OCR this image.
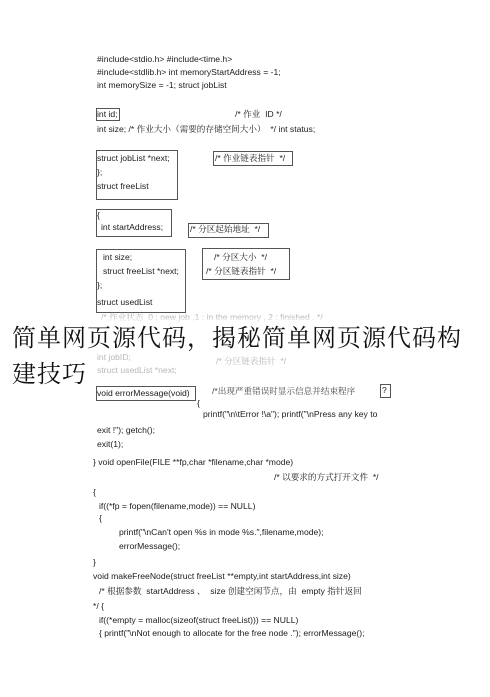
#include<stdio.h> #include<time.h>
#include<stdlib.h> int memoryStartAddress = -1;
int memorySize = -1; struct jobList
int id;	/* 作业  ID */
int size; /* 作业大小（需要的存储空间大小）  */ int status;
struct jobList *next;	/* 作业链表指针  */
};
struct freeList
{
int startAddress;	/* 分区起始地址  */
int size;	/* 分区大小  */
struct freeList *next;	/* 分区链表指针  */
};
struct usedList
/* 作业状态  0 : new job ,1 : in the memory , 2 : finished . */
int jobID;
struct usedList *next;
/* 分区链表指针  */
void errorMessage(void)	/*出现严重错误时显示信息并结束程序	?
{
printf("\n\tError !\a"); printf("\nPress any key to
exit !"); getch();
exit(1);
} void openFile(FILE **fp,char *filename,char *mode)
/* 以要求的方式打开文件  */
{
if((*fp = fopen(filename,mode)) == NULL)
{
printf("\nCan't open %s in mode %s.",filename,mode);
errorMessage();
}
void makeFreeNode(struct freeList **empty,int startAddress,int size)
/* 根据参数  startAddress 、  size 创建空闲节点，由  empty 指针返回
*/ {
if((*empty = malloc(sizeof(struct freeList))) == NULL)
{ printf("\nNot enough to allocate for the free node ."); errorMessage();
简单网页源代码，揭秘简单网页源代码构建技巧
